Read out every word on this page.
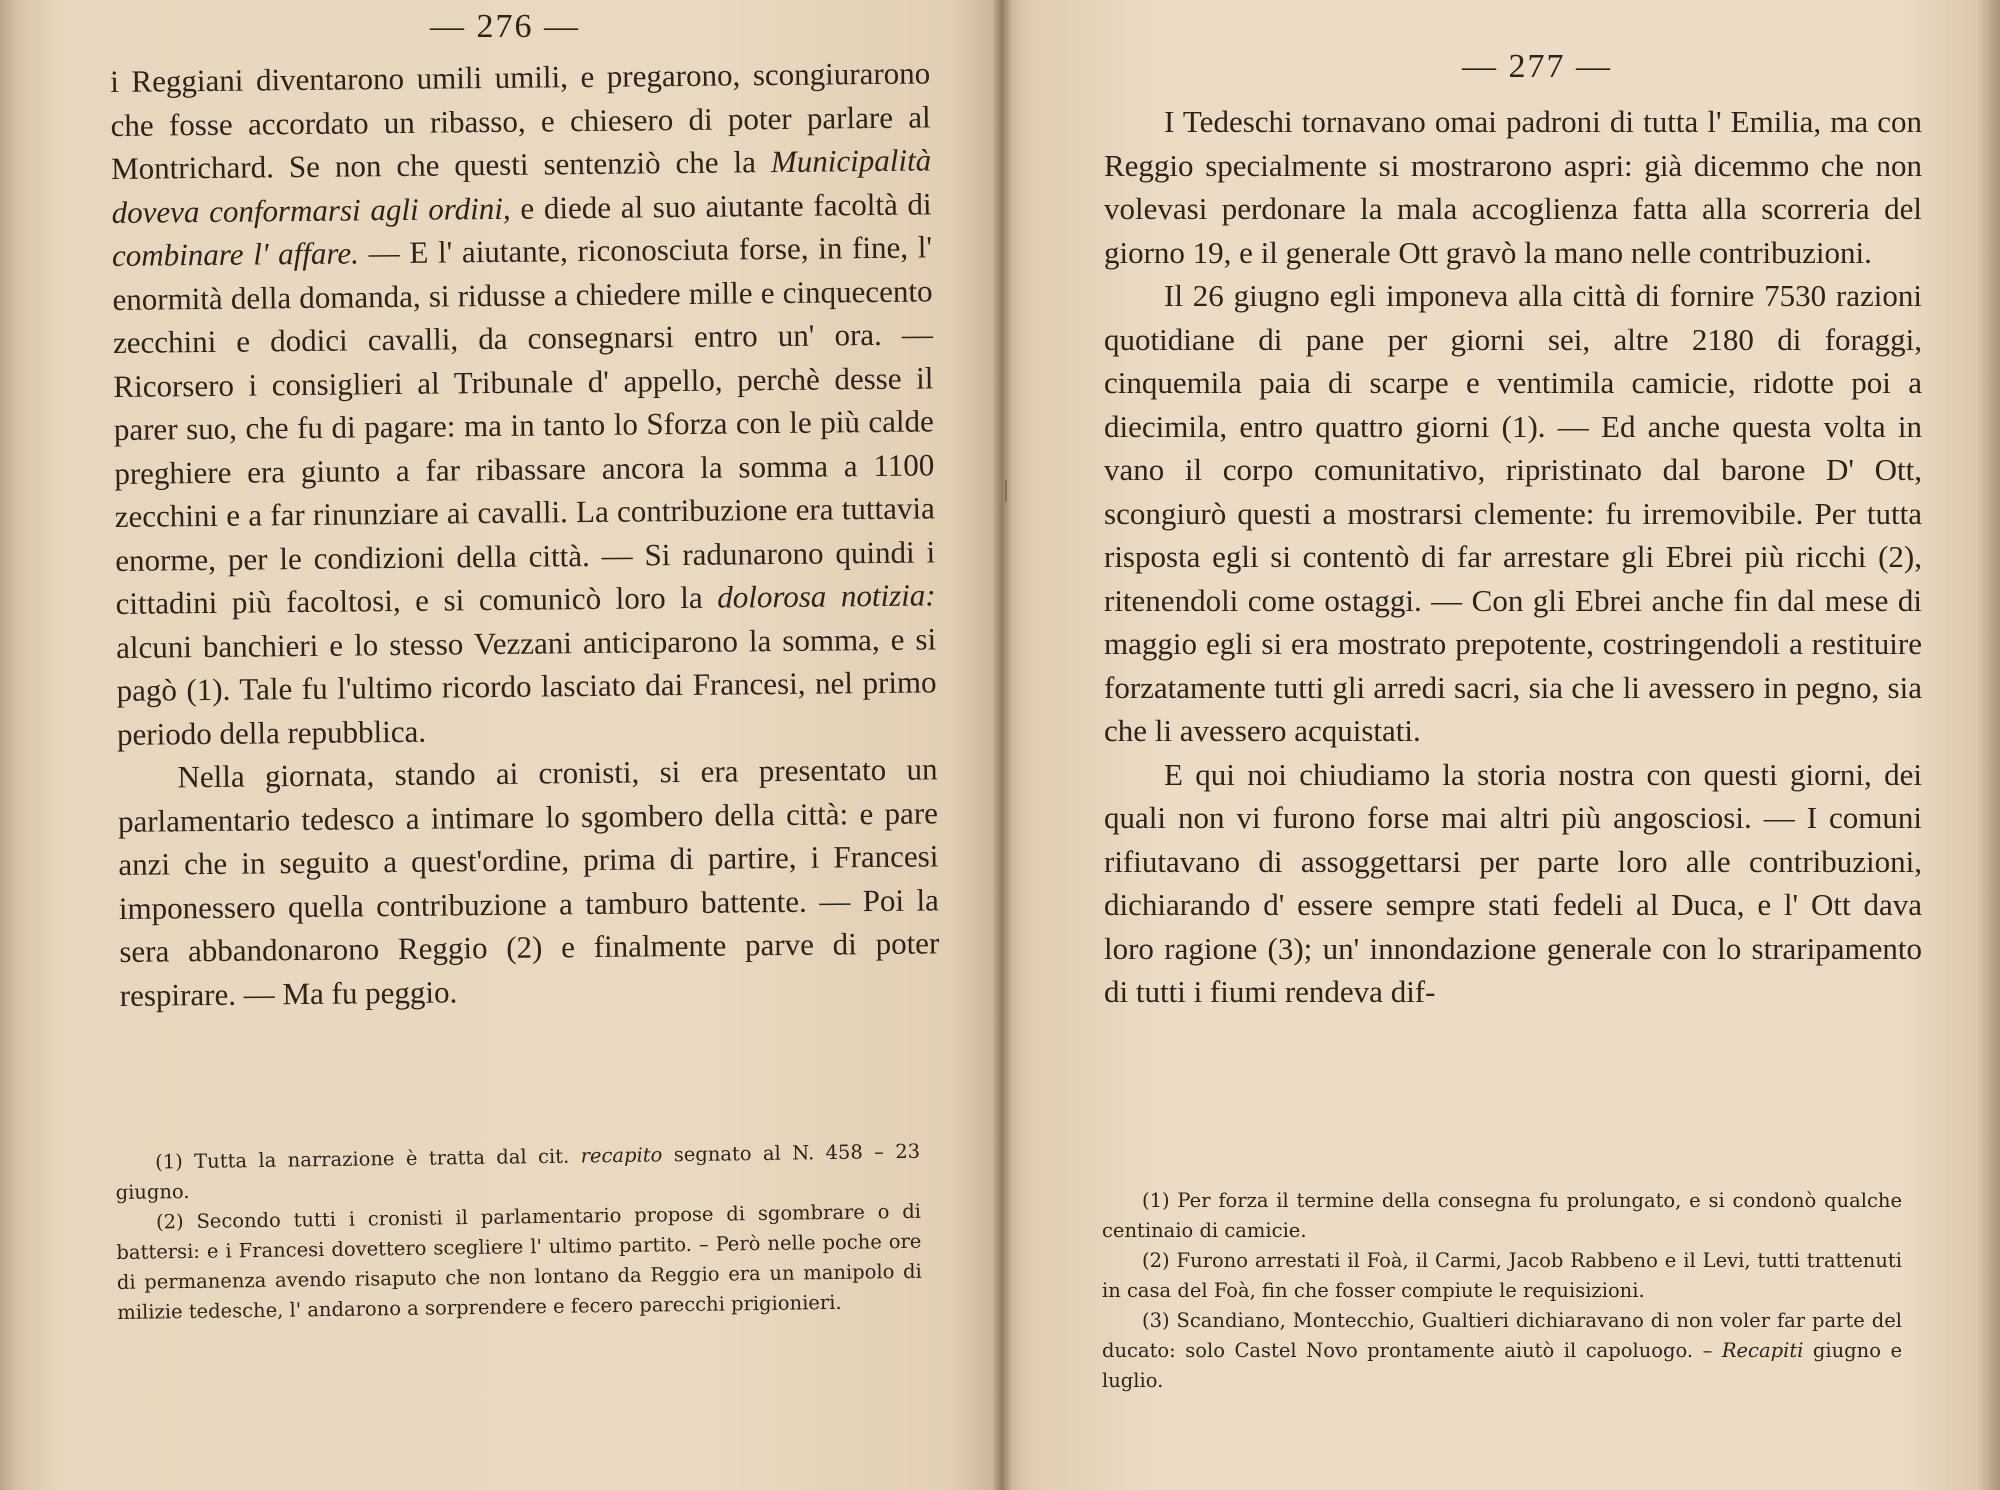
— 276 —

i Reggiani diventarono umili umili, e pregarono, scongiurarono che fosse accordato un ribasso, e chiesero di poter parlare al Montrichard. Se non che questi sentenziò che la Municipalità doveva conformarsi agli ordini, e diede al suo aiutante facoltà di combinare l' affare. — E l' aiutante, riconosciuta forse, in fine, l' enormità della domanda, si ridusse a chiedere mille e cinquecento zecchini e dodici cavalli, da consegnarsi entro un' ora. — Ricorsero i consiglieri al Tribunale d' appello, perchè desse il parer suo, che fu di pagare: ma in tanto lo Sforza con le più calde preghiere era giunto a far ribassare ancora la somma a 1100 zecchini e a far rinunziare ai cavalli. La contribuzione era tuttavia enorme, per le condizioni della città. — Si radunarono quindi i cittadini più facoltosi, e si comunicò loro la dolorosa notizia: alcuni banchieri e lo stesso Vezzani anticiparono la somma, e si pagò (1). Tale fu l'ultimo ricordo lasciato dai Francesi, nel primo periodo della repubblica.

Nella giornata, stando ai cronisti, si era presentato un parlamentario tedesco a intimare lo sgombero della città: e pare anzi che in seguito a quest'ordine, prima di partire, i Francesi imponessero quella contribuzione a tamburo battente. — Poi la sera abbandonarono Reggio (2) e finalmente parve di poter respirare. — Ma fu peggio.

(1) Tutta la narrazione è tratta dal cit. recapito segnato al N. 458 – 23 giugno.

(2) Secondo tutti i cronisti il parlamentario propose di sgombrare o di battersi: e i Francesi dovettero scegliere l' ultimo partito. – Però nelle poche ore di permanenza avendo risaputo che non lontano da Reggio era un manipolo di milizie tedesche, l' andarono a sorprendere e fecero parecchi prigionieri.

— 277 —

I Tedeschi tornavano omai padroni di tutta l' Emilia, ma con Reggio specialmente si mostrarono aspri: già dicemmo che non volevasi perdonare la mala accoglienza fatta alla scorreria del giorno 19, e il generale Ott gravò la mano nelle contribuzioni.

Il 26 giugno egli imponeva alla città di fornire 7530 razioni quotidiane di pane per giorni sei, altre 2180 di foraggi, cinquemila paia di scarpe e ventimila camicie, ridotte poi a diecimila, entro quattro giorni (1). — Ed anche questa volta in vano il corpo comunitativo, ripristinato dal barone D' Ott, scongiurò questi a mostrarsi clemente: fu irremovibile. Per tutta risposta egli si contentò di far arrestare gli Ebrei più ricchi (2), ritenendoli come ostaggi. — Con gli Ebrei anche fin dal mese di maggio egli si era mostrato prepotente, costringendoli a restituire forzatamente tutti gli arredi sacri, sia che li avessero in pegno, sia che li avessero acquistati.

E qui noi chiudiamo la storia nostra con questi giorni, dei quali non vi furono forse mai altri più angosciosi. — I comuni rifiutavano di assoggettarsi per parte loro alle contribuzioni, dichiarando d' essere sempre stati fedeli al Duca, e l' Ott dava loro ragione (3); un' innondazione generale con lo straripamento di tutti i fiumi rendeva dif-

(1) Per forza il termine della consegna fu prolungato, e si condonò qualche centinaio di camicie.

(2) Furono arrestati il Foà, il Carmi, Jacob Rabbeno e il Levi, tutti trattenuti in casa del Foà, fin che fosser compiute le requisizioni.

(3) Scandiano, Montecchio, Gualtieri dichiaravano di non voler far parte del ducato: solo Castel Novo prontamente aiutò il capoluogo. – Recapiti giugno e luglio.
